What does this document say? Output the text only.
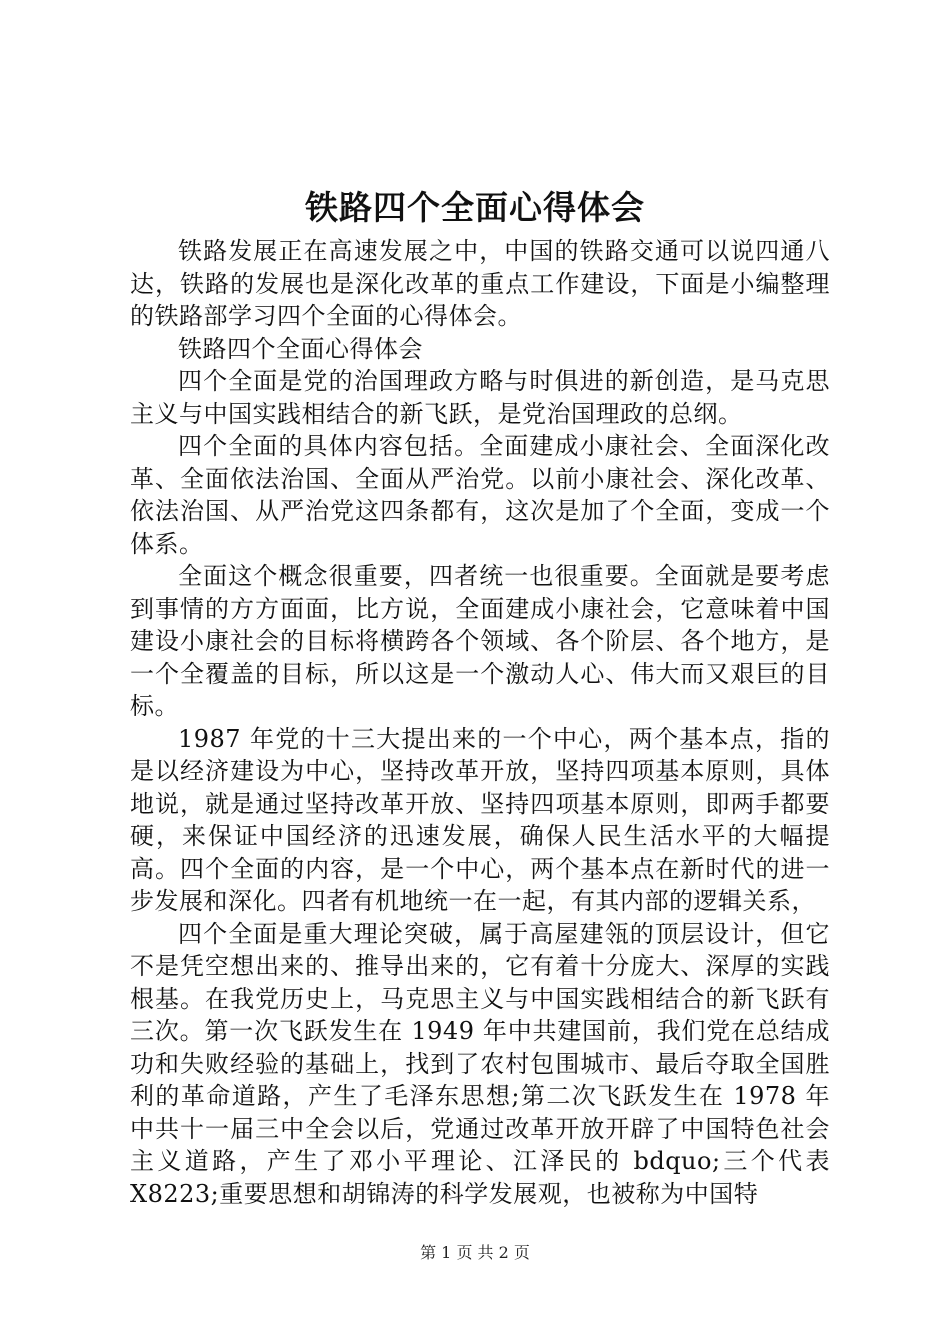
铁路四个全面心得体会

铁路发展正在高速发展之中，中国的铁路交通可以说四通八达，铁路的发展也是深化改革的重点工作建设，下面是小编整理的铁路部学习四个全面的心得体会。

铁路四个全面心得体会

四个全面是党的治国理政方略与时俱进的新创造，是马克思主义与中国实践相结合的新飞跃，是党治国理政的总纲。

四个全面的具体内容包括。全面建成小康社会、全面深化改革、全面依法治国、全面从严治党。以前小康社会、深化改革、依法治国、从严治党这四条都有，这次是加了个全面，变成一个体系。

全面这个概念很重要，四者统一也很重要。全面就是要考虑到事情的方方面面，比方说，全面建成小康社会，它意味着中国建设小康社会的目标将横跨各个领域、各个阶层、各个地方，是一个全覆盖的目标，所以这是一个激动人心、伟大而又艰巨的目标。

1987 年党的十三大提出来的一个中心，两个基本点，指的是以经济建设为中心，坚持改革开放，坚持四项基本原则，具体地说，就是通过坚持改革开放、坚持四项基本原则，即两手都要硬，来保证中国经济的迅速发展，确保人民生活水平的大幅提高。四个全面的内容，是一个中心，两个基本点在新时代的进一步发展和深化。四者有机地统一在一起，有其内部的逻辑关系，

四个全面是重大理论突破，属于高屋建瓴的顶层设计，但它不是凭空想出来的、推导出来的，它有着十分庞大、深厚的实践根基。在我党历史上，马克思主义与中国实践相结合的新飞跃有三次。第一次飞跃发生在 1949 年中共建国前，我们党在总结成功和失败经验的基础上，找到了农村包围城市、最后夺取全国胜利的革命道路，产生了毛泽东思想;第二次飞跃发生在 1978 年中共十一届三中全会以后，党通过改革开放开辟了中国特色社会主义道路，产生了邓小平理论、江泽民的 bdquo;三个代表 X8223;重要思想和胡锦涛的科学发展观，也被称为中国特

第 1 页 共 2 页
